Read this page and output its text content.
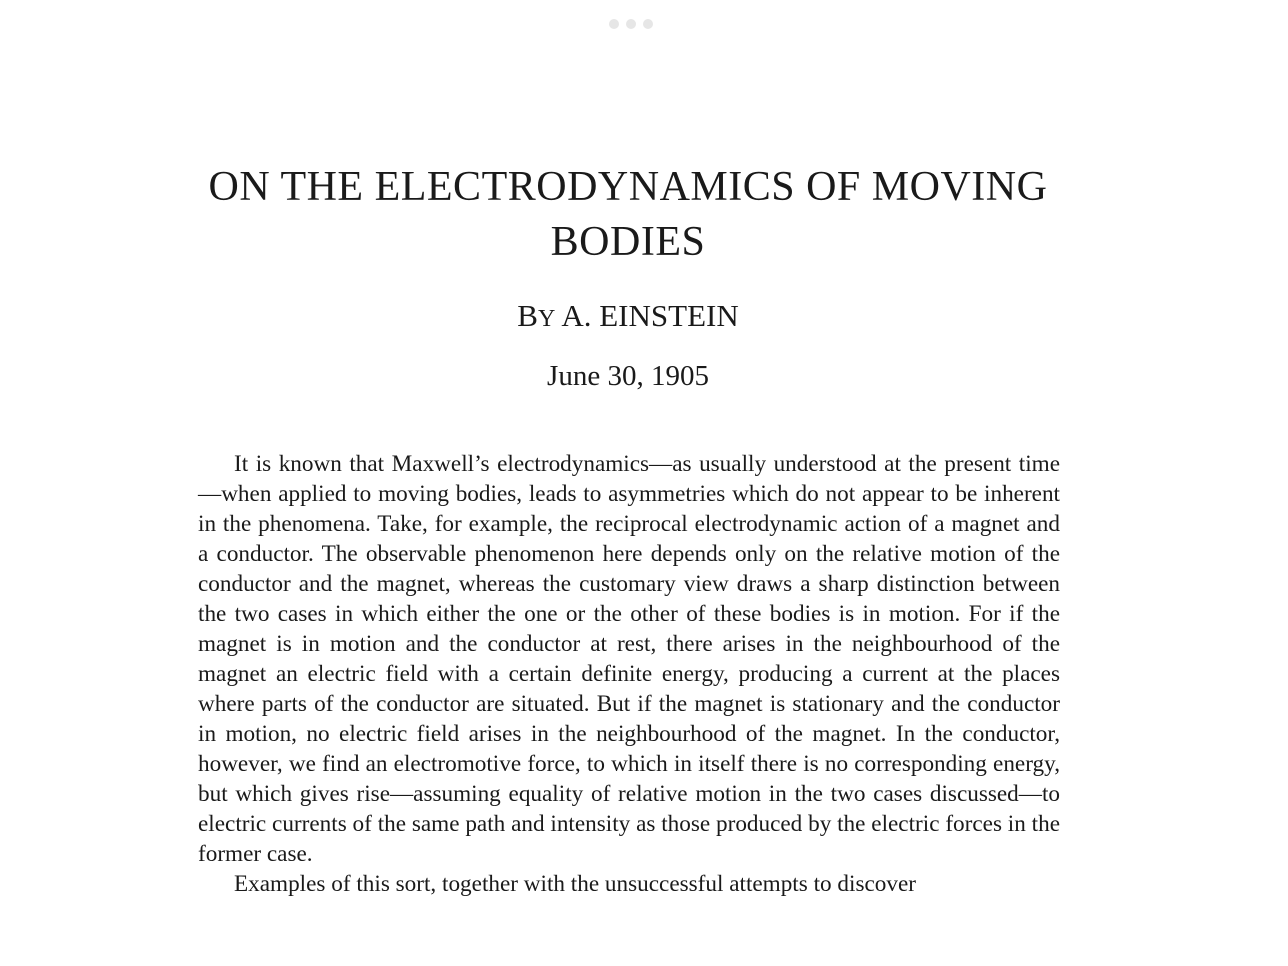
ON THE ELECTRODYNAMICS OF MOVING BODIES
BY A. EINSTEIN
June 30, 1905

It is known that Maxwell’s electrodynamics—as usually understood at the present time—when applied to moving bodies, leads to asymmetries which do not appear to be inherent in the phenomena. Take, for example, the reciprocal electrodynamic action of a magnet and a conductor. The observable phenomenon here depends only on the relative motion of the conductor and the magnet, whereas the customary view draws a sharp distinction between the two cases in which either the one or the other of these bodies is in motion. For if the magnet is in motion and the conductor at rest, there arises in the neighbourhood of the magnet an electric field with a certain definite energy, producing a current at the places where parts of the conductor are situated. But if the magnet is stationary and the conductor in motion, no electric field arises in the neighbourhood of the magnet. In the conductor, however, we find an electromotive force, to which in itself there is no corresponding energy, but which gives rise—assuming equality of relative motion in the two cases discussed—to electric currents of the same path and intensity as those produced by the electric forces in the former case.

Examples of this sort, together with the unsuccessful attempts to discover
